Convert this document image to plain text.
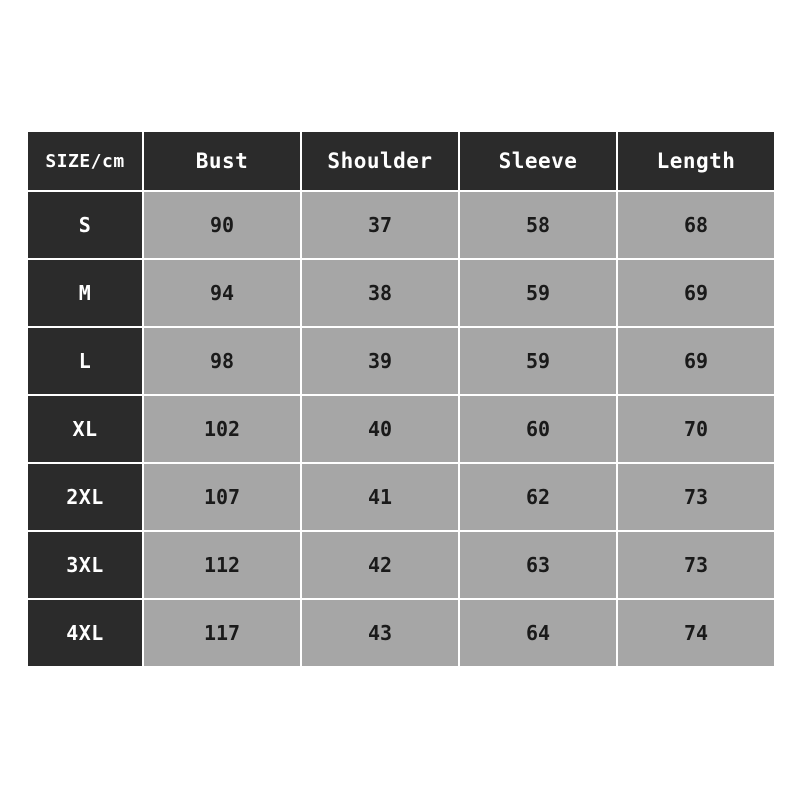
SIZE/cm	Bust	Shoulder	Sleeve	Length
S	90	37	58	68
M	94	38	59	69
L	98	39	59	69
XL	102	40	60	70
2XL	107	41	62	73
3XL	112	42	63	73
4XL	117	43	64	74
